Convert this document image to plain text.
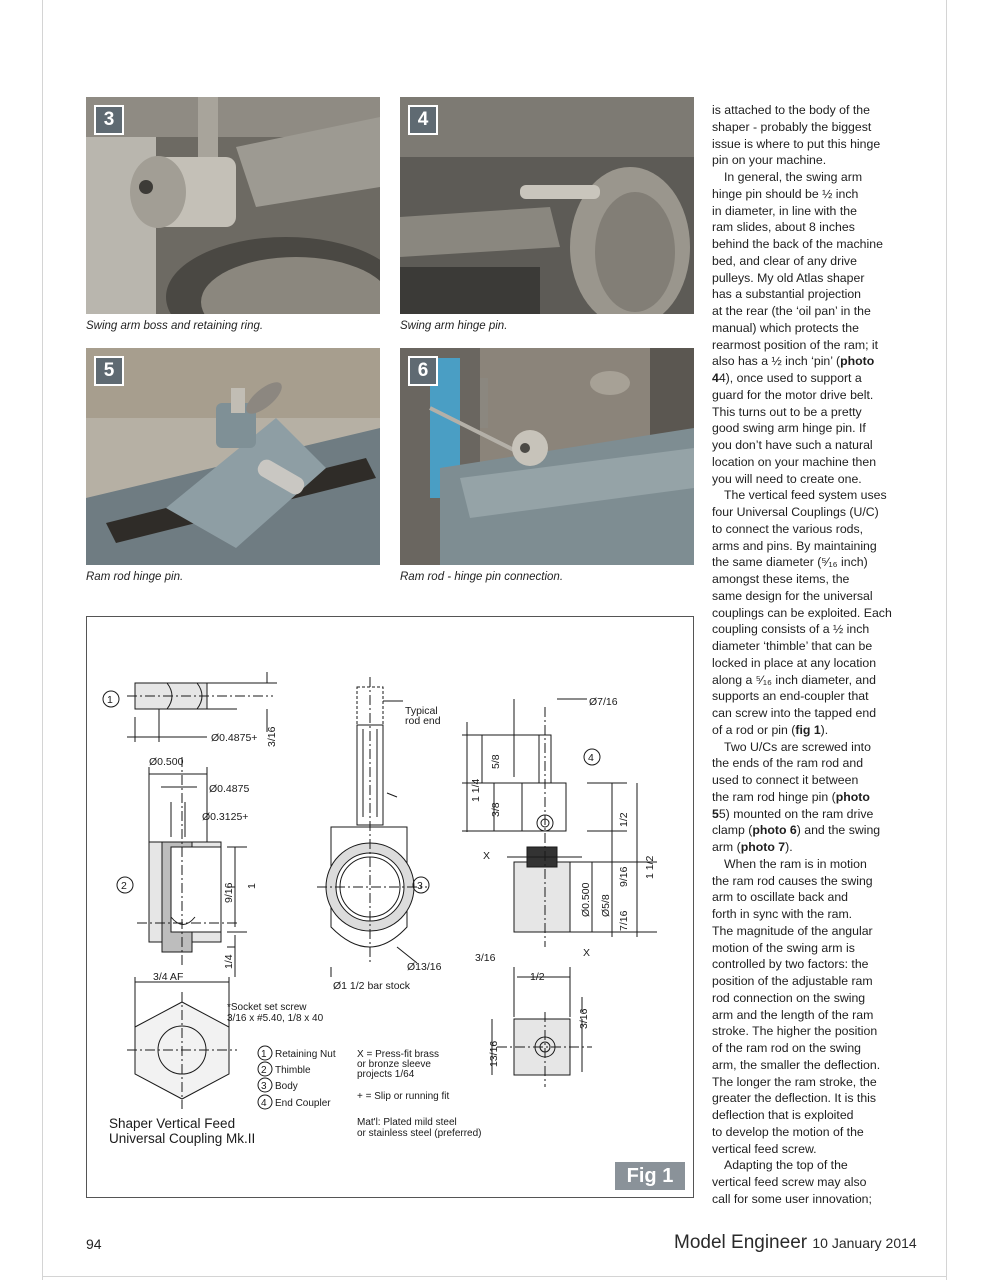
3
Swing arm boss and retaining ring.
4
Swing arm hinge pin.
5
Ram rod hinge pin.
6
Ram rod - hinge pin connection.
is attached to the body of the
shaper - probably the biggest
issue is where to put this hinge
pin on your machine.
In general, the swing arm
hinge pin should be ½ inch
in diameter, in line with the
ram slides, about 8 inches
behind the back of the machine
bed, and clear of any drive
pulleys. My old Atlas shaper
has a substantial projection
at the rear (the ‘oil pan’ in the
manual) which protects the
rearmost position of the ram; it
also has a ½ inch ‘pin’ (photo
44), once used to support a
guard for the motor drive belt.
This turns out to be a pretty
good swing arm hinge pin. If
you don’t have such a natural
location on your machine then
you will need to create one.
The vertical feed system uses
four Universal Couplings (U/C)
to connect the various rods,
arms and pins. By maintaining
the same diameter (⁵⁄₁₆ inch)
amongst these items, the
same design for the universal
couplings can be exploited. Each
coupling consists of a ½ inch
diameter ‘thimble’ that can be
locked in place at any location
along a ⁵⁄₁₆ inch diameter, and
supports an end-coupler that
can screw into the tapped end
of a rod or pin (fig 1).
Two U/Cs are screwed into
the ends of the ram rod and
used to connect it between
the ram rod hinge pin (photo
55) mounted on the ram drive
clamp (photo 6) and the swing
arm (photo 7).
When the ram is in motion
the ram rod causes the swing
arm to oscillate back and
forth in sync with the ram.
The magnitude of the angular
motion of the swing arm is
controlled by two factors: the
position of the adjustable ram
rod connection on the swing
arm and the length of the ram
stroke. The higher the position
of the ram rod on the swing
arm, the smaller the deflection.
The longer the ram stroke, the
greater the deflection. It is this
deflection that is exploited
to develop the motion of the
vertical feed screw.
Adapting the top of the
vertical feed screw may also
call for some user innovation;
1
2	3
4
Ø0.4875+ 3/16
Ø0.500
Ø0.4875
Ø0.3125+
9/16 1
1/4
3/4 AF
Typical
rod end
Ø13/16
Ø1 1/2 bar stock
Ø7/16
1 1/4
5/8
3/8
1/2
9/16 1 1/2
Ø0.500 Ø5/8
7/16
3/16
1/2
13/16
3/16
X
X
*Socket set screw
3/16 x #5.40, 1/8 x 40
1
2
3
4
Retaining Nut
Thimble
Body
End Coupler
X = Press-fit brass
or bronze sleeve
projects 1/64
+ = Slip or running fit
Mat'l: Plated mild steel
or stainless steel (preferred)
Shaper Vertical Feed
Universal Coupling Mk.II
Fig 1
94	Model Engineer 10 January 2014
